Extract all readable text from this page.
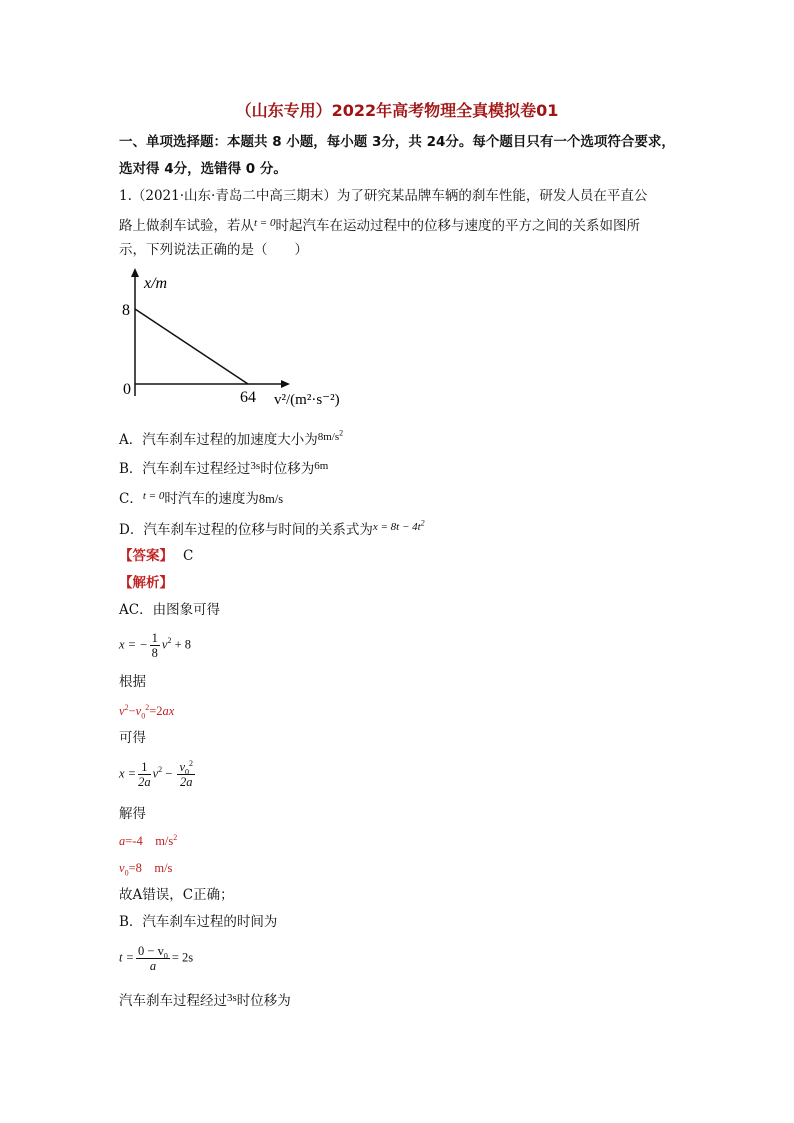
（山东专用）2022年高考物理全真模拟卷01
一、单项选择题：本题共 8 小题，每小题 3分，共 24分。每个题目只有一个选项符合要求，
选对得 4分，选错得 0 分。
1.（2021·山东·青岛二中高三期末）为了研究某品牌车辆的刹车性能，研发人员在平直公
路上做刹车试验，若从$^{t = 0}$时起汽车在运动过程中的位移与速度的平方之间的关系如图所
示，下列说法正确的是（　　）
x/m
8
0	64 v²/(m²·s⁻²)
A．汽车刹车过程的加速度大小为$^{8m/s^2}$
B．汽车刹车过程经过$^{3s}$时位移为$^{6m}$
C．$^{t = 0}$时汽车的速度为8m/s
D．汽车刹车过程的位移与时间的关系式为$^{x = 8t - 4t^2}$
【答案】 C
【解析】
AC．由图象可得
x = − $\frac{1}{8} v^2 + 8$
根据
$v^2-v_0^2=2ax$
可得
$x = \frac{1}{2a} v^2 - \frac{v_0^2}{2a}$
解得
a=-4　$m/s^2$
$v_0=8$　m/s
故A错误，C正确；
B．汽车刹车过程的时间为
$t = \frac{0 - v_0}{a} = 2s$
汽车刹车过程经过$^{3s}$时位移为
